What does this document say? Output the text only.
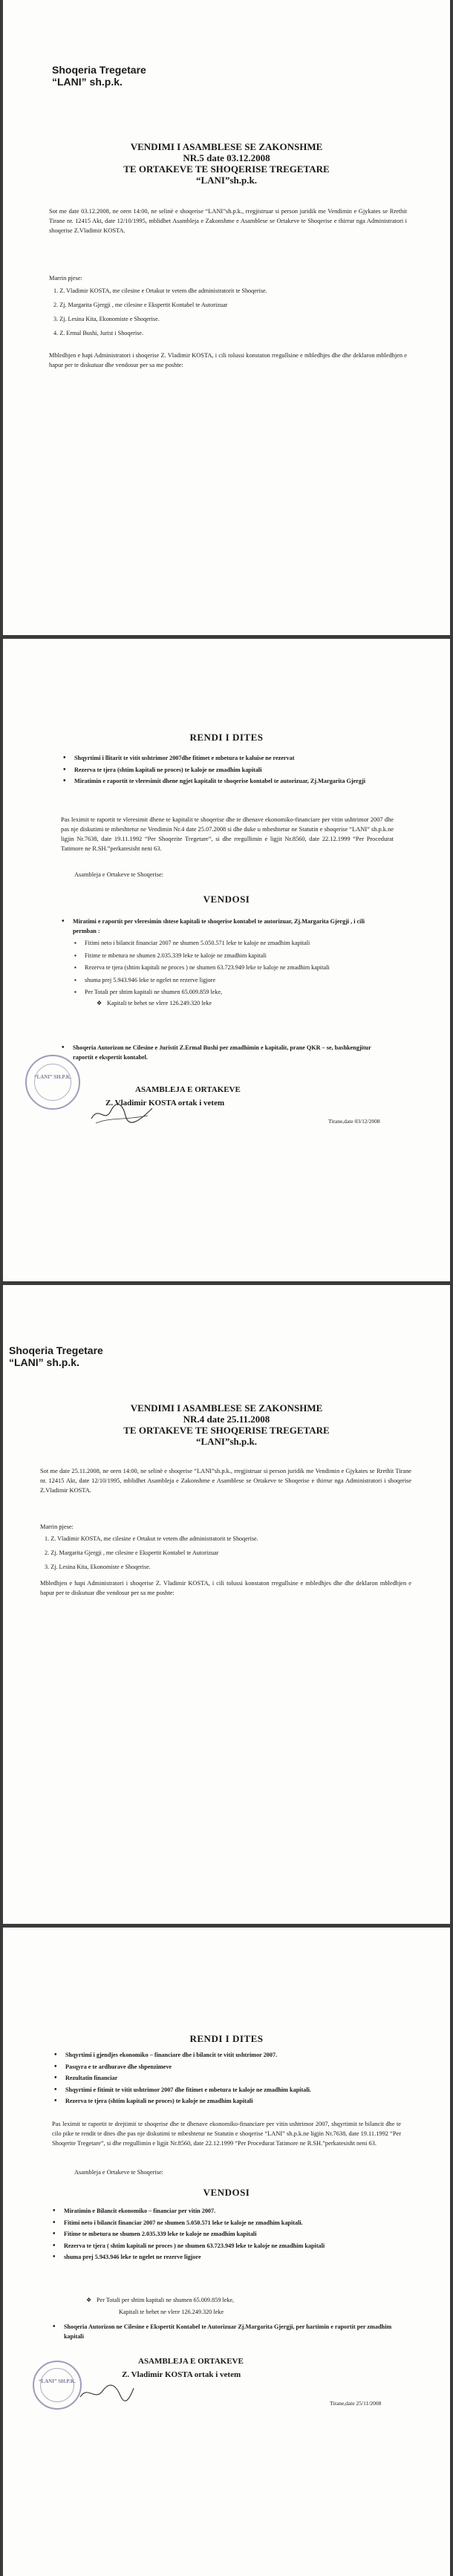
Shoqeria Tregetare
“LANI” sh.p.k.
VENDIMI I ASAMBLESE SE ZAKONSHME
NR.5 date 03.12.2008
TE ORTAKEVE TE SHOQERISE TREGETARE
“LANI”sh.p.k.
Sot me date 03.12.2008, ne oren 14:00, ne selinë e shoqerise “LANI”sh.p.k., rregjistruar si person juridik me Vendimin e Gjykates se Rrethit Tirane nr. 12415 Akt, date 12/10/1995, mblidhet Asambleja e Zakonshme e Asamblese se Ortakeve te Shoqerise e thirrur nga Administratori i shoqerise Z.Vladimir KOSTA.
Marrin pjese:
1. Z. Vladimir KOSTA, me cilesine e Ortakut te vetem dhe administratorit te Shoqerise.
2. Zj. Margarita Gjergji , me cilesine e Ekspertit Kontabel te Autorizuar
3. Zj. Lesina Kita, Ekonomiste e Shoqerise.
4. Z. Ermal Bushi, Jurist i Shoqerise.
Mbledhjen e hapi Administratori i shoqerise Z. Vladimir KOSTA, i cili tolussi konstaton rregullsine e mbledhjes dhe dhe deklaron mbledhjen e hapur per te diskutuar dhe vendosur per sa me poshte:
RENDI I DITES
• Shqyrtimi i llitarit te vitit ushtrimor 2007dhe fitimet e mbetura te kaluise ne rezervat
• Rezerva te tjera (shtim kapitali ne proces) te kaloje ne zmadhim kapitali
• Miratimin e raportit te vleresimit dhene ngjet kapitalit te shoqerise kontabel te autorizuar, Zj.Margarita Gjergji
Pas leximit te raportit te vleresimit dhene te kapitalit te shoqerise dhe te dhenave ekonomiko-financiare per vitin ushtrimor 2007 dhe pas nje diskutimi te mbeshtetur ne Vendimin Nr.4 date 25.07.2008 si dhe duke u mbeshtetur ne Statutin e shoqerise “LANI” sh.p.k.ne ligjin Nr.7638, date 19.11.1992 “Per Shoqerite Tregetare”, si dhe rregullimin e ligjit Nr.8560, date 22.12.1999 “Per Procedurat Tatimore ne R.SH.”perkatesisht neni 63.
Asambleja e Ortakeve te Shoqerise:
VENDOSI
• Miratimi e raportit per vleresimin shtese kapitali te shoqerise kontabel te autorizuar, Zj.Margarita Gjergji , i cili permban :
▪ Fitimi neto i bilancit financiar 2007 ne shumen 5.050.571 leke te kaloje ne zmadhim kapitali
▪ Fitime te mbetura ne shumen 2.035.339 leke te kaloje ne zmadhim kapitali
▪ Rezerva te tjera (shtim kapitali ne proces ) ne shumen 63.723.949 leke te kaloje ne zmadhim kapitali
▪ shuma prej 5.943.946 leke te ngelet ne rezerve ligjore
▪ Per Totali per shtim kapitali ne shumen 65.009.859 leke,
❖ Kapitali te behet ne vlere 126.249.320 leke
• Shoqeria Autorizon ne Cilesine e Juristit Z.Ermal Bushi per zmadhimin e kapitalit, prane QKR – se, bashkengjitur raportit e ekspertit kontabel.
“LANI” SH.P.K.
ASAMBLEJA E ORTAKEVE
Z. Vladimir KOSTA ortak i vetem
Tirane,date 03/12/2008
Shoqeria Tregetare
“LANI” sh.p.k.
VENDIMI I ASAMBLESE SE ZAKONSHME
NR.4 date 25.11.2008
TE ORTAKEVE TE SHOQERISE TREGETARE
“LANI”sh.p.k.
Sot me date 25.11.2008, ne oren 14:00, ne selinë e shoqerise “LANI”sh.p.k., rregjistruar si person juridik me Vendimin e Gjykates se Rrethit Tirane nr. 12415 Akt, date 12/10/1995, mblidhet Asambleja e Zakonshme e Asamblese se Ortakeve te Shoqerise e thirrur nga Administratori i shoqerise Z.Vladimir KOSTA.
Marrin pjese:
1. Z. Vladimir KOSTA, me cilesine e Ortakut te vetem dhe administratorit te Shoqerise.
2. Zj. Margarita Gjergji , me cilesine e Ekspertit Kontabel te Autorizuar
3. Zj. Lesina Kita, Ekonomiste e Shoqerise.
Mbledhjen e hapi Administratori i shoqerise Z. Vladimir KOSTA, i cili tolussi konstaton rregullsine e mbledhjes dhe dhe deklaron mbledhjen e hapur per te diskutuar dhe vendosur per sa me poshte:
RENDI I DITES
• Shqyrtimi i gjendjes ekonomiko – financiare dhe i bilancit te vitit ushtrimor 2007.
• Pasqyra e te ardhurave dhe shpenzimeve
• Rezultatin financiar
• Shqyrtimi e fitimit te vitit ushtrimor 2007 dhe fitimet e mbetura te kaloje ne zmadhim kapitali.
• Rezerva te tjera (shtim kapitali ne proces) te kaloje ne zmadhim kapitali
Pas leximit te raportit te drejtimit te shoqerise dhe te dhenave ekonomiko-financiare per vitin ushtrimor 2007, shqyrtimit te bilancit dhe te cilo pike te rendit te dites dhe pas nje diskutimi te mbeshtetur ne Statutin e shoqerise “LANI” sh.p.k.ne ligjin Nr.7638, date 19.11.1992 “Per Shoqerite Tregetare”, si dhe rregullimin e ligjit Nr.8560, date 22.12.1999 “Per Procedurat Tatimore ne R.SH.”perkatesisht neni 63.
Asambleja e Ortakeve te Shoqerise:
VENDOSI
• Miratimin e Bilancit ekonomiko – financiar per vitin 2007.
• Fitimi neto i bilancit financiar 2007 ne shumen 5.050.571 leke te kaloje ne zmadhim kapitali.
• Fitime te mbetura ne shumen 2.035.339 leke te kaloje ne zmadhim kapitali
• Rezerva te tjera ( shtim kapitali ne proces ) ne shumen 63.723.949 leke te kaloje ne zmadhim kapitali
• shuma prej 5.943.946 leke te ngelet ne rezerve ligjore
❖ Per Totali per shtim kapitali ne shumen 65.009.859 leke,
Kapitali te behet ne vlere 126.249.320 leke
• Shoqeria Autorizon ne Cilesine e Ekspertit Kontabel te Autorizuar Zj.Margarita Gjergji, per hartimin e raportit per zmadhim kapitali
“LANI” SH.P.K.
ASAMBLEJA E ORTAKEVE
Z. Vladimir KOSTA ortak i vetem
Tirane,date 25/11/2008
